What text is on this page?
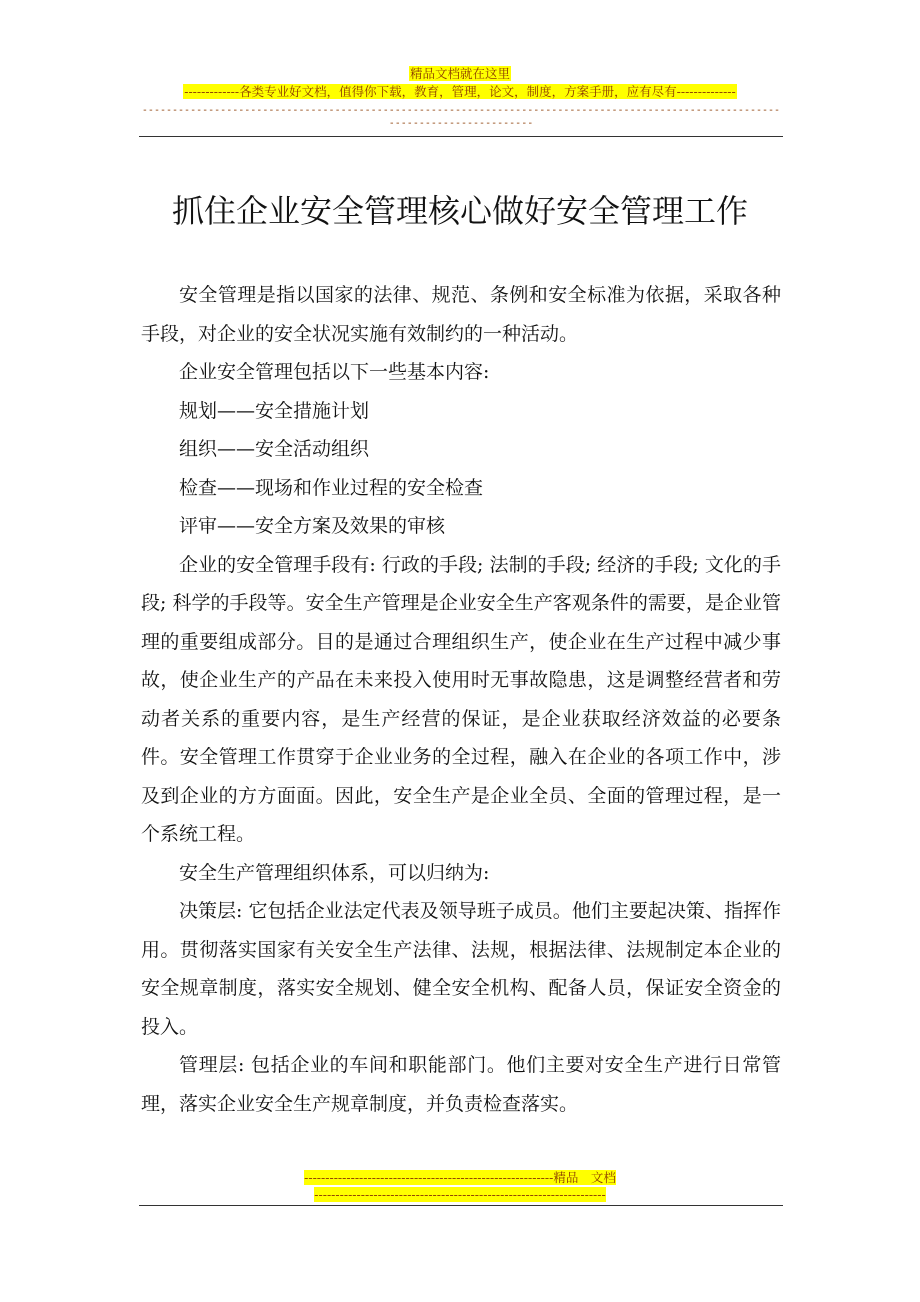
精品文档就在这里
-------------各类专业好文档，值得你下载，教育，管理，论文，制度，方案手册，应有尽有--------------
----------------------------------------------------------------------------------------------------------------------------------
抓住企业安全管理核心做好安全管理工作

安全管理是指以国家的法律、规范、条例和安全标准为依据，采取各种手段，对企业的安全状况实施有效制约的一种活动。

企业安全管理包括以下一些基本内容:

规划——安全措施计划

组织——安全活动组织

检查——现场和作业过程的安全检查

评审——安全方案及效果的审核

企业的安全管理手段有: 行政的手段; 法制的手段; 经济的手段; 文化的手段; 科学的手段等。安全生产管理是企业安全生产客观条件的需要，是企业管理的重要组成部分。目的是通过合理组织生产，使企业在生产过程中减少事故，使企业生产的产品在未来投入使用时无事故隐患，这是调整经营者和劳动者关系的重要内容，是生产经营的保证，是企业获取经济效益的必要条件。安全管理工作贯穿于企业业务的全过程，融入在企业的各项工作中，涉及到企业的方方面面。因此，安全生产是企业全员、全面的管理过程，是一个系统工程。

安全生产管理组织体系，可以归纳为:

决策层: 它包括企业法定代表及领导班子成员。他们主要起决策、指挥作用。贯彻落实国家有关安全生产法律、法规，根据法律、法规制定本企业的安全规章制度，落实安全规划、健全安全机构、配备人员，保证安全资金的投入。

管理层: 包括企业的车间和职能部门。他们主要对安全生产进行日常管理，落实企业安全生产规章制度，并负责检查落实。

-----------------------------------------------------------精品　文档
---------------------------------------------------------------------
